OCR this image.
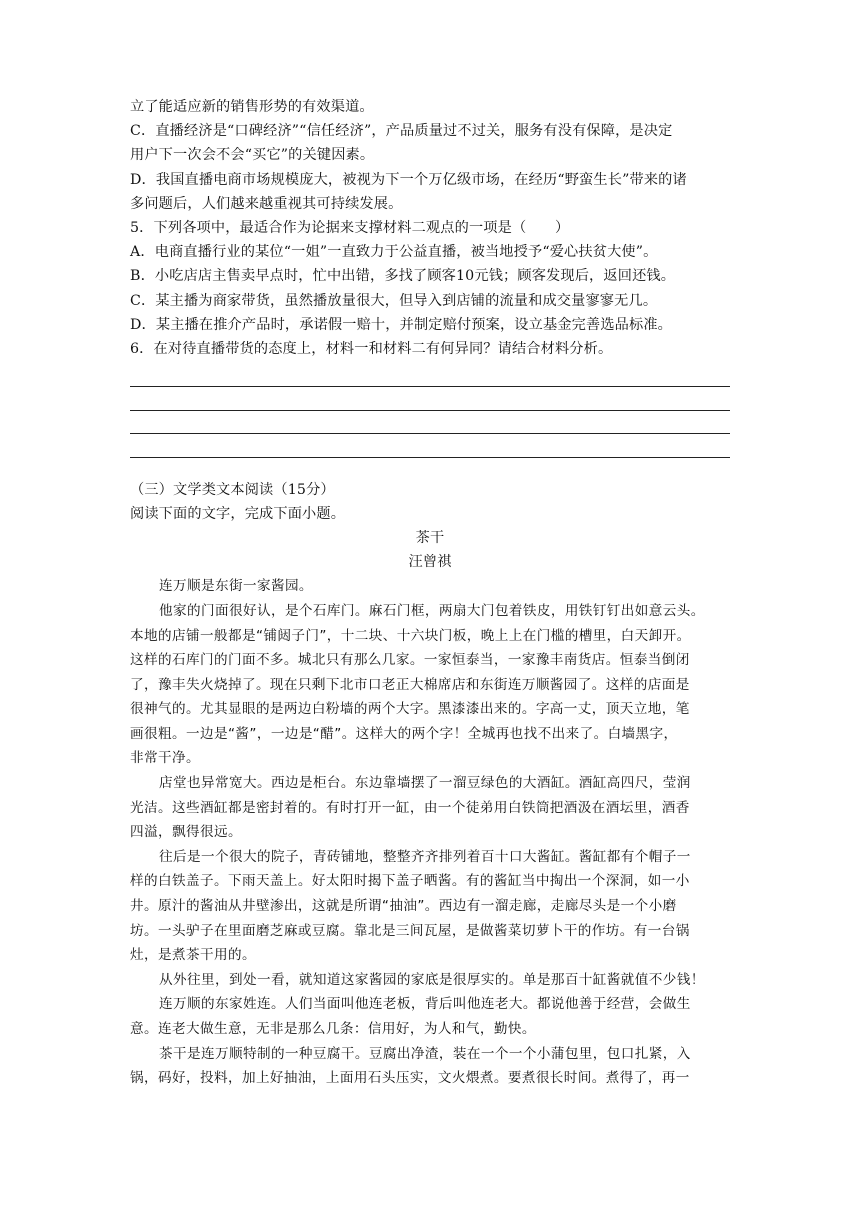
立了能适应新的销售形势的有效渠道。
C．直播经济是“口碑经济”“信任经济”，产品质量过不过关，服务有没有保障，是决定
用户下一次会不会“买它”的关键因素。
D．我国直播电商市场规模庞大，被视为下一个万亿级市场，在经历“野蛮生长”带来的诸
多问题后，人们越来越重视其可持续发展。
5．下列各项中，最适合作为论据来支撑材料二观点的一项是（　　）
A．电商直播行业的某位“一姐”一直致力于公益直播，被当地授予“爱心扶贫大使”。
B．小吃店店主售卖早点时，忙中出错，多找了顾客10元钱；顾客发现后，返回还钱。
C．某主播为商家带货，虽然播放量很大，但导入到店铺的流量和成交量寥寥无几。
D．某主播在推介产品时，承诺假一赔十，并制定赔付预案，设立基金完善选品标准。
6．在对待直播带货的态度上，材料一和材料二有何异同？请结合材料分析。
（三）文学类文本阅读（15分）
阅读下面的文字，完成下面小题。
茶干
汪曾祺
连万顺是东街一家酱园。
他家的门面很好认，是个石库门。麻石门框，两扇大门包着铁皮，用铁钉钉出如意云头。
本地的店铺一般都是“铺闼子门”，十二块、十六块门板，晚上上在门槛的槽里，白天卸开。
这样的石库门的门面不多。城北只有那么几家。一家恒泰当，一家豫丰南货店。恒泰当倒闭
了，豫丰失火烧掉了。现在只剩下北市口老正大棉席店和东街连万顺酱园了。这样的店面是
很神气的。尤其显眼的是两边白粉墙的两个大字。黑漆漆出来的。字高一丈，顶天立地，笔
画很粗。一边是“酱”，一边是“醋”。这样大的两个字！全城再也找不出来了。白墙黑字，
非常干净。
店堂也异常宽大。西边是柜台。东边靠墙摆了一溜豆绿色的大酒缸。酒缸高四尺，莹润
光洁。这些酒缸都是密封着的。有时打开一缸，由一个徒弟用白铁筒把酒汲在酒坛里，酒香
四溢，飘得很远。
往后是一个很大的院子，青砖铺地，整整齐齐排列着百十口大酱缸。酱缸都有个帽子一
样的白铁盖子。下雨天盖上。好太阳时揭下盖子晒酱。有的酱缸当中掏出一个深洞，如一小
井。原汁的酱油从井壁渗出，这就是所谓“抽油”。西边有一溜走廊，走廊尽头是一个小磨
坊。一头驴子在里面磨芝麻或豆腐。靠北是三间瓦屋，是做酱菜切萝卜干的作坊。有一台锅
灶，是煮茶干用的。
从外往里，到处一看，就知道这家酱园的家底是很厚实的。单是那百十缸酱就值不少钱！
连万顺的东家姓连。人们当面叫他连老板，背后叫他连老大。都说他善于经营，会做生
意。连老大做生意，无非是那么几条：信用好，为人和气，勤快。
茶干是连万顺特制的一种豆腐干。豆腐出净渣，装在一个一个小蒲包里，包口扎紧，入
锅，码好，投料，加上好抽油，上面用石头压实，文火煨煮。要煮很长时间。煮得了，再一
